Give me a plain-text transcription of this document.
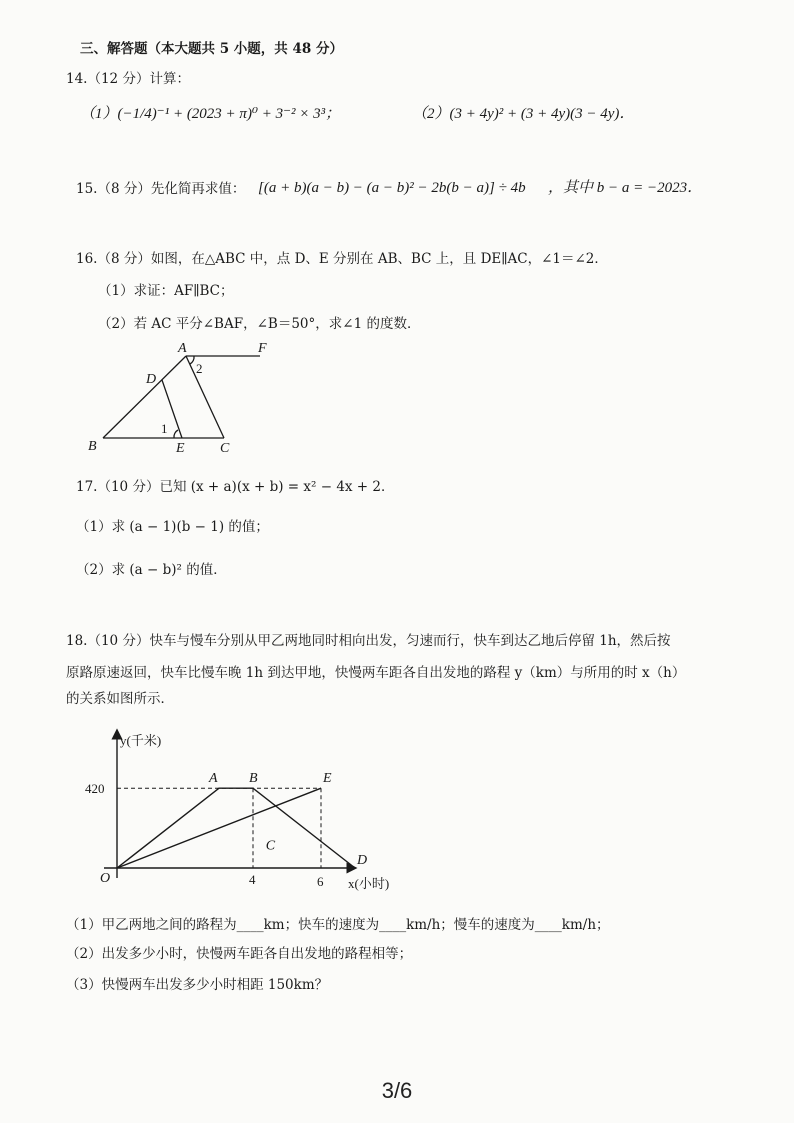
三、解答题（本大题共 5 小题，共 48 分）
14.（12 分）计算：
（1）(−1/4)⁻¹ + (2023 + π)⁰ + 3⁻² × 3³；	（2）(3 + 4y)² + (3 + 4y)(3 − 4y)．
15.（8 分）先化简再求值： [(a + b)(a − b) − (a − b)² − 2b(b − a)] ÷ 4b ，其中 b − a = −2023．
16.（8 分）如图，在△ABC 中，点 D、E 分别在 AB、BC 上，且 DE∥AC，∠1＝∠2．
（1）求证：AF∥BC；
（2）若 AC 平分∠BAF，∠B＝50°，求∠1 的度数．
A	F
D
B	E	C
1
2
17.（10 分）已知 (x + a)(x + b) = x² − 4x + 2．
（1）求 (a − 1)(b − 1) 的值；
（2）求 (a − b)² 的值．
18.（10 分）快车与慢车分别从甲乙两地同时相向出发，匀速而行，快车到达乙地后停留 1h，然后按
原路原速返回，快车比慢车晚 1h 到达甲地，快慢两车距各自出发地的路程 y（km）与所用的时 x（h）
的关系如图所示．
y(千米)
x(小时)
O
420
4	6
A B	E
C
D
（1）甲乙两地之间的路程为____km；快车的速度为____km/h；慢车的速度为____km/h；
（2）出发多少小时，快慢两车距各自出发地的路程相等；
（3）快慢两车出发多少小时相距 150km？
3/6
